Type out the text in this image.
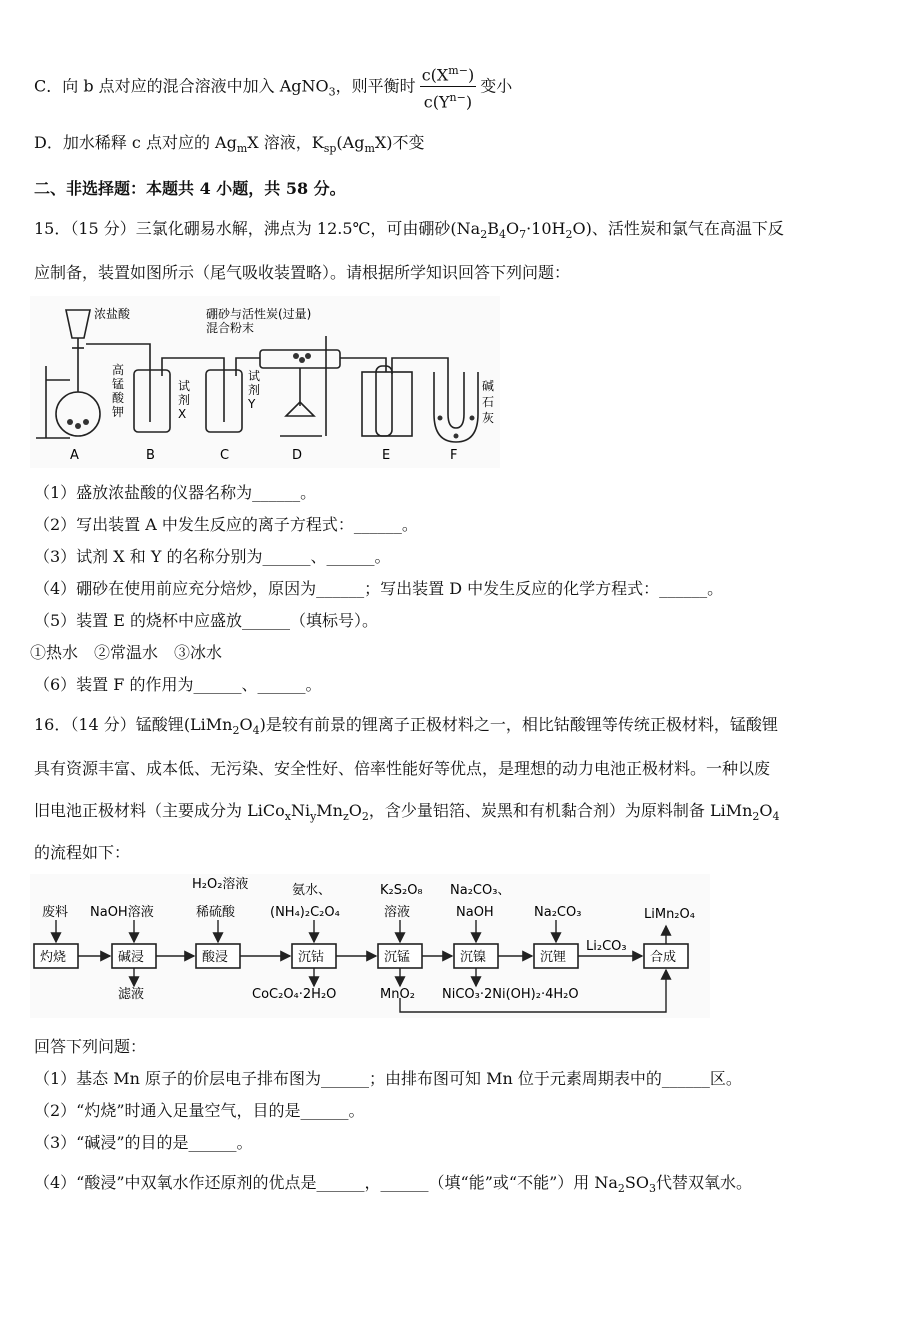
C．向 b 点对应的混合溶液中加入 AgNO$_3$，则平衡时 $\frac{c(X^{m-})}{c(Y^{n-})}$ 变小
D．加水稀释 c 点对应的 $Ag_mX$ 溶液，$K_{sp}(Ag_mX)$不变
二、非选择题：本题共 4 小题，共 58 分。
15．（15 分）三氯化硼易水解，沸点为 12.5℃，可由硼砂$(Na_2B_4O_7\cdot 10H_2O)$、活性炭和氯气在高温下反
应制备，装置如图所示（尾气吸收装置略）。请根据所学知识回答下列问题：
浓盐酸
高
锰
酸
钾
硼砂与活性炭(过量)
混合粉末
试
剂
X
试
剂
Y
碱
石
灰
A	B	C	D	E	F
（1）盛放浓盐酸的仪器名称为______。
（2）写出装置 A 中发生反应的离子方程式：______。
（3）试剂 X 和 Y 的名称分别为______、______。
（4）硼砂在使用前应充分焙炒，原因为______；写出装置 D 中发生反应的化学方程式：______。
（5）装置 E 的烧杯中应盛放______（填标号）。
①热水　②常温水　③冰水
（6）装置 F 的作用为______、______。
16．（14 分）锰酸锂$(LiMn_2O_4)$是较有前景的锂离子正极材料之一，相比钴酸锂等传统正极材料，锰酸锂
具有资源丰富、成本低、无污染、安全性好、倍率性能好等优点，是理想的动力电池正极材料。一种以废
旧电池正极材料（主要成分为 $LiCo_xNi_yMn_zO_2$，含少量铝箔、炭黑和有机黏合剂）为原料制备 $LiMn_2O_4$
的流程如下：
废料 NaOH溶液
H₂O₂溶液
稀硫酸
氨水、
(NH₄)₂C₂O₄
K₂S₂O₈
溶液
Na₂CO₃、
NaOH	Na₂CO₃	LiMn₂O₄
Li₂CO₃
灼烧	碱浸	酸浸	沉钴	沉锰	沉镍	沉锂	合成
滤液	CoC₂O₄·2H₂O	MnO₂ NiCO₃·2Ni(OH)₂·4H₂O
回答下列问题：
（1）基态 Mn 原子的价层电子排布图为______；由排布图可知 Mn 位于元素周期表中的______区。
（2）“灼烧”时通入足量空气，目的是______。
（3）“碱浸”的目的是______。
（4）“酸浸”中双氧水作还原剂的优点是______，______（填“能”或“不能”）用 $Na_2SO_3$代替双氧水。
